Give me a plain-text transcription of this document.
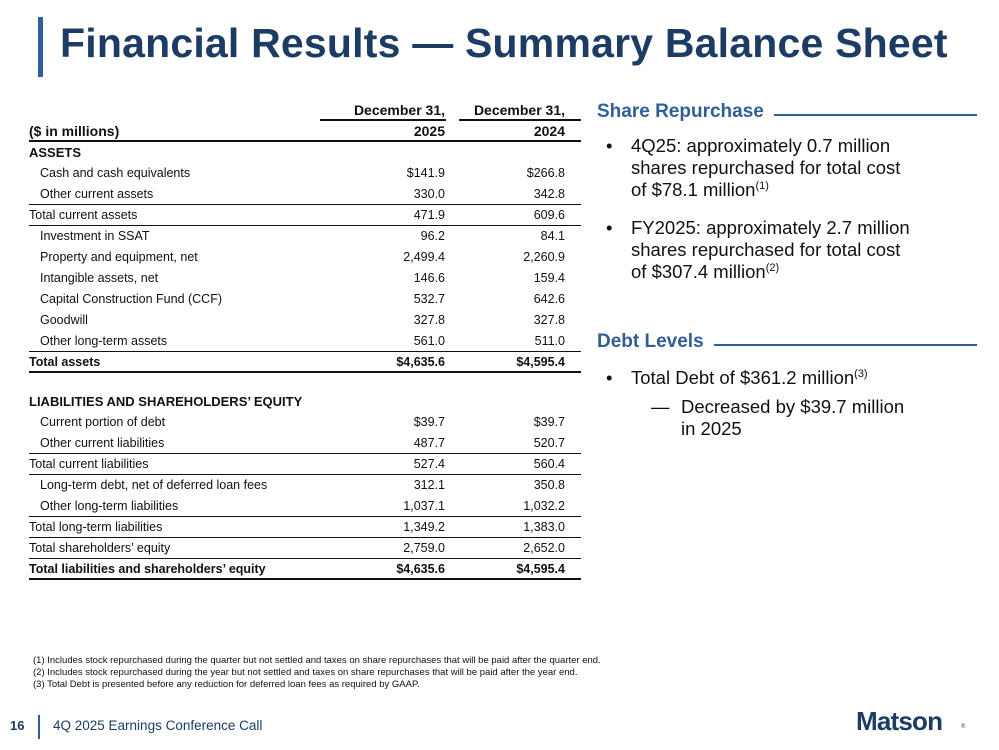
Financial Results — Summary Balance Sheet
December 31, December 31,
($ in millions)	2025	2024
ASSETS
Cash and cash equivalents	$141.9	$266.8
Other current assets	330.0	342.8
Total current assets	471.9	609.6
Investment in SSAT	96.2	84.1
Property and equipment, net	2,499.4	2,260.9
Intangible assets, net	146.6	159.4
Capital Construction Fund (CCF)	532.7	642.6
Goodwill	327.8	327.8
Other long-term assets	561.0	511.0
Total assets	$4,635.6	$4,595.4
LIABILITIES AND SHAREHOLDERS’ EQUITY
Current portion of debt	$39.7	$39.7
Other current liabilities	487.7	520.7
Total current liabilities	527.4	560.4
Long-term debt, net of deferred loan fees	312.1	350.8
Other long-term liabilities	1,037.1	1,032.2
Total long-term liabilities	1,349.2	1,383.0
Total shareholders’ equity	2,759.0	2,652.0
Total liabilities and shareholders’ equity	$4,635.6	$4,595.4
Share Repurchase
• 4Q25: approximately 0.7 million
shares repurchased for total cost
of $78.1 million$^{(1)}$
• FY2025: approximately 2.7 million
shares repurchased for total cost
of $307.4 million$^{(2)}$
Debt Levels
• Total Debt of $361.2 million$^{(3)}$
— Decreased by $39.7 million
in 2025
(1) Includes stock repurchased during the quarter but not settled and taxes on share repurchases that will be paid after the quarter end.
(2) Includes stock repurchased during the year but not settled and taxes on share repurchases that will be paid after the year end.
(3) Total Debt is presented before any reduction for deferred loan fees as required by GAAP.
16 4Q 2025 Earnings Conference Call	Matson	®
